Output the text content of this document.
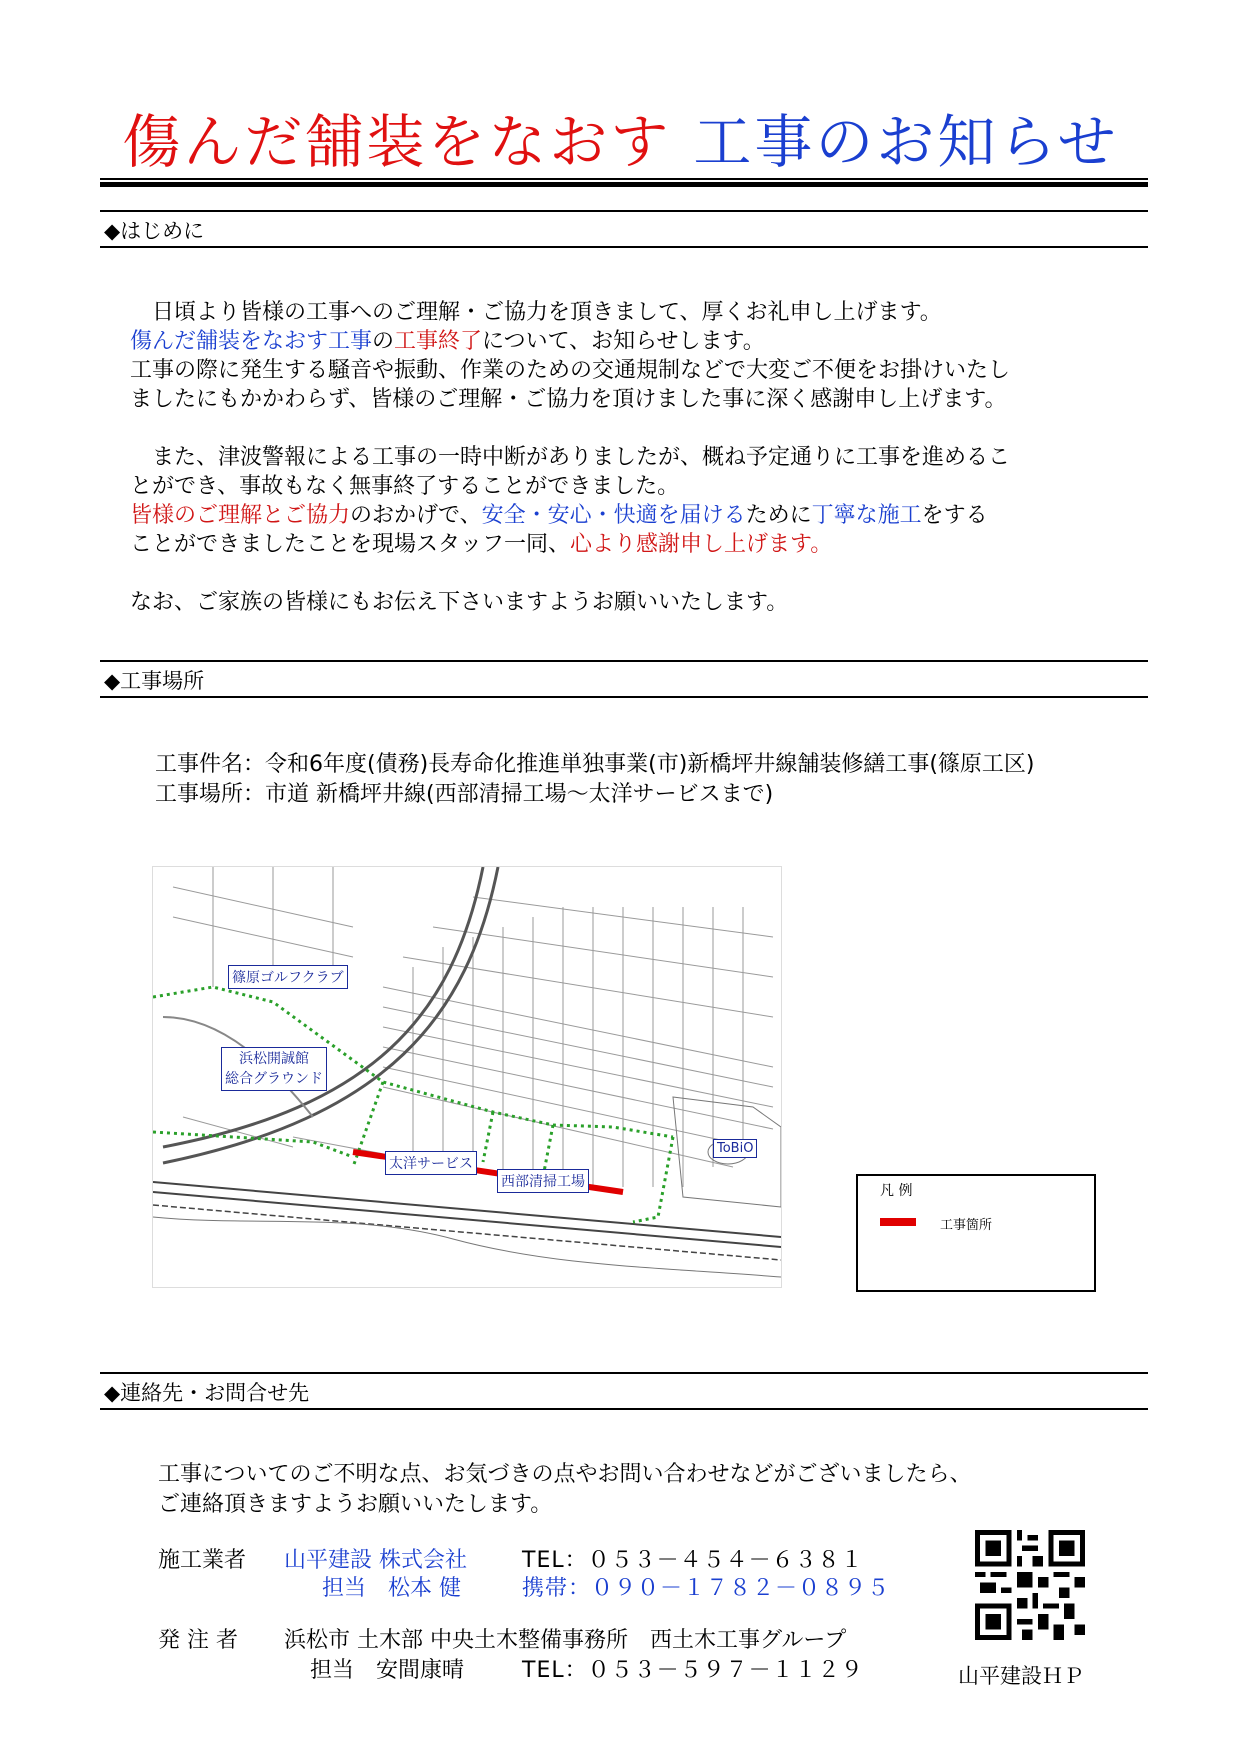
傷んだ舗装をなおす 工事のお知らせ
◆はじめに
　日頃より皆様の工事へのご理解・ご協力を頂きまして、厚くお礼申し上げます。
傷んだ舗装をなおす工事の工事終了について、お知らせします。
工事の際に発生する騒音や振動、作業のための交通規制などで大変ご不便をお掛けいたし
ましたにもかかわらず、皆様のご理解・ご協力を頂けました事に深く感謝申し上げます。
　また、津波警報による工事の一時中断がありましたが、概ね予定通りに工事を進めるこ
とができ、事故もなく無事終了することができました。
皆様のご理解とご協力のおかげで、安全・安心・快適を届けるために丁寧な施工をする
ことができましたことを現場スタッフ一同、心より感謝申し上げます。
なお、ご家族の皆様にもお伝え下さいますようお願いいたします。
◆工事場所
工事件名：令和6年度(債務)長寿命化推進単独事業(市)新橋坪井線舗装修繕工事(篠原工区)
工事場所：市道 新橋坪井線(西部清掃工場～太洋サービスまで)
篠原ゴルフクラブ
浜松開誠館
総合グラウンド
太洋サービス
西部清掃工場
ToBiO
凡 例
工事箇所
◆連絡先・お問合せ先
工事についてのご不明な点、お気づきの点やお問い合わせなどがございましたら、
ご連絡頂きますようお願いいたします。
施工業者 山平建設 株式会社	TEL：０５３－４５４－６３８１
担当　松本 健	携帯：０９０－１７８２－０８９５
発 注 者 浜松市 土木部 中央土木整備事務所　西土木工事グループ
担当　安間康晴	TEL：０５３－５９７－１１２９	山平建設ＨＰ
